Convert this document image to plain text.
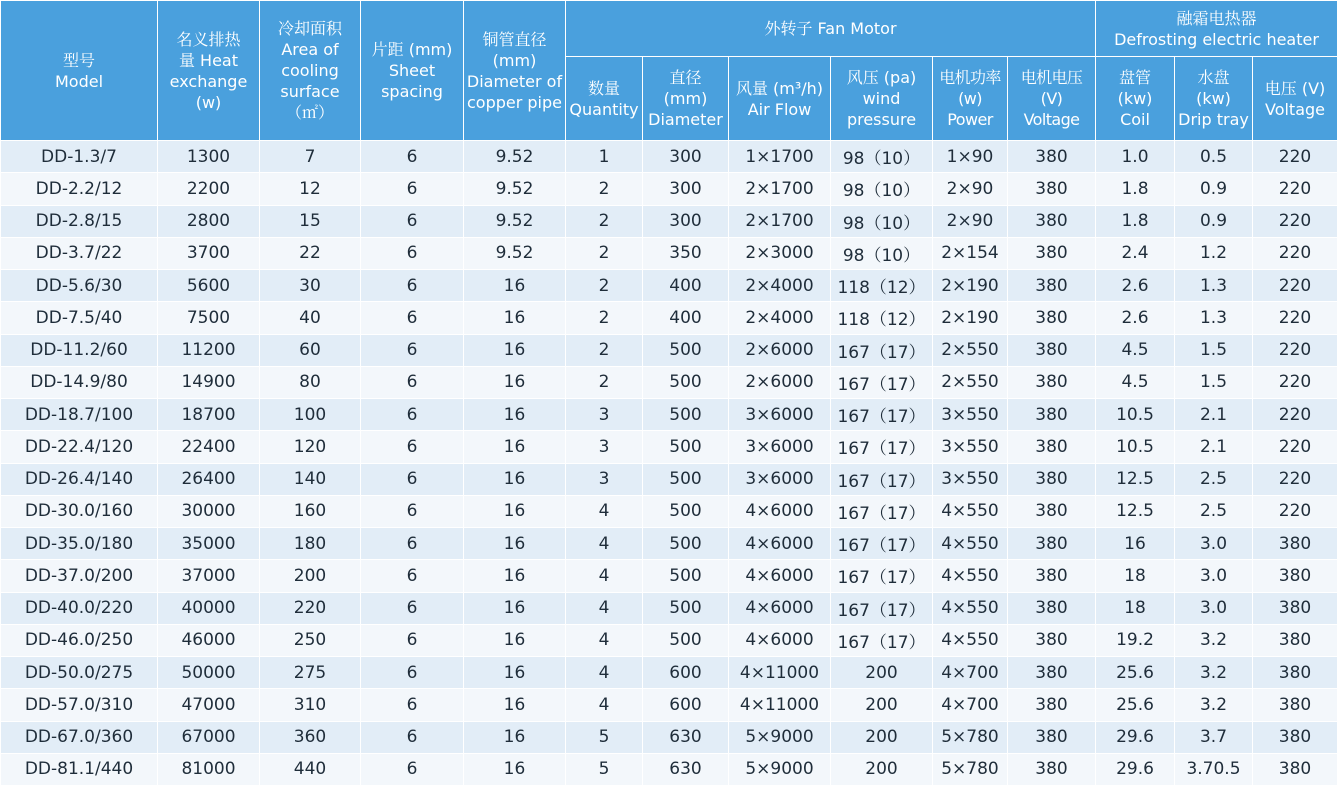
型号
Model	名义排热
量 Heat
exchange
(w)	冷却面积
Area of
cooling
surface（㎡）	片距 (mm)
Sheet
spacing	铜管直径
(mm)
Diameter of
copper pipe	外转子 Fan Motor						融霜电热器
Defrosting electric heater		
					数量
Quantity	直径
(mm)
Diameter	风量 (m³/h)
Air Flow	风压 (pa)
wind
pressure	电机功率
(w)
Power	电机电压
(V)
Voltage	盘管
(kw)
Coil	水盘
(kw)
Drip tray	电压 (V)
Voltage
DD-1.3/7	1300	7	6	9.52	1	300	1×1700	98（10）	1×90	380	1.0	0.5	220
DD-2.2/12	2200	12	6	9.52	2	300	2×1700	98（10）	2×90	380	1.8	0.9	220
DD-2.8/15	2800	15	6	9.52	2	300	2×1700	98（10）	2×90	380	1.8	0.9	220
DD-3.7/22	3700	22	6	9.52	2	350	2×3000	98（10）	2×154	380	2.4	1.2	220
DD-5.6/30	5600	30	6	16	2	400	2×4000	118（12）	2×190	380	2.6	1.3	220
DD-7.5/40	7500	40	6	16	2	400	2×4000	118（12）	2×190	380	2.6	1.3	220
DD-11.2/60	11200	60	6	16	2	500	2×6000	167（17）	2×550	380	4.5	1.5	220
DD-14.9/80	14900	80	6	16	2	500	2×6000	167（17）	2×550	380	4.5	1.5	220
DD-18.7/100	18700	100	6	16	3	500	3×6000	167（17）	3×550	380	10.5	2.1	220
DD-22.4/120	22400	120	6	16	3	500	3×6000	167（17）	3×550	380	10.5	2.1	220
DD-26.4/140	26400	140	6	16	3	500	3×6000	167（17）	3×550	380	12.5	2.5	220
DD-30.0/160	30000	160	6	16	4	500	4×6000	167（17）	4×550	380	12.5	2.5	220
DD-35.0/180	35000	180	6	16	4	500	4×6000	167（17）	4×550	380	16	3.0	380
DD-37.0/200	37000	200	6	16	4	500	4×6000	167（17）	4×550	380	18	3.0	380
DD-40.0/220	40000	220	6	16	4	500	4×6000	167（17）	4×550	380	18	3.0	380
DD-46.0/250	46000	250	6	16	4	500	4×6000	167（17）	4×550	380	19.2	3.2	380
DD-50.0/275	50000	275	6	16	4	600	4×11000	200	4×700	380	25.6	3.2	380
DD-57.0/310	47000	310	6	16	4	600	4×11000	200	4×700	380	25.6	3.2	380
DD-67.0/360	67000	360	6	16	5	630	5×9000	200	5×780	380	29.6	3.7	380
DD-81.1/440	81000	440	6	16	5	630	5×9000	200	5×780	380	29.6	3.70.5	380
